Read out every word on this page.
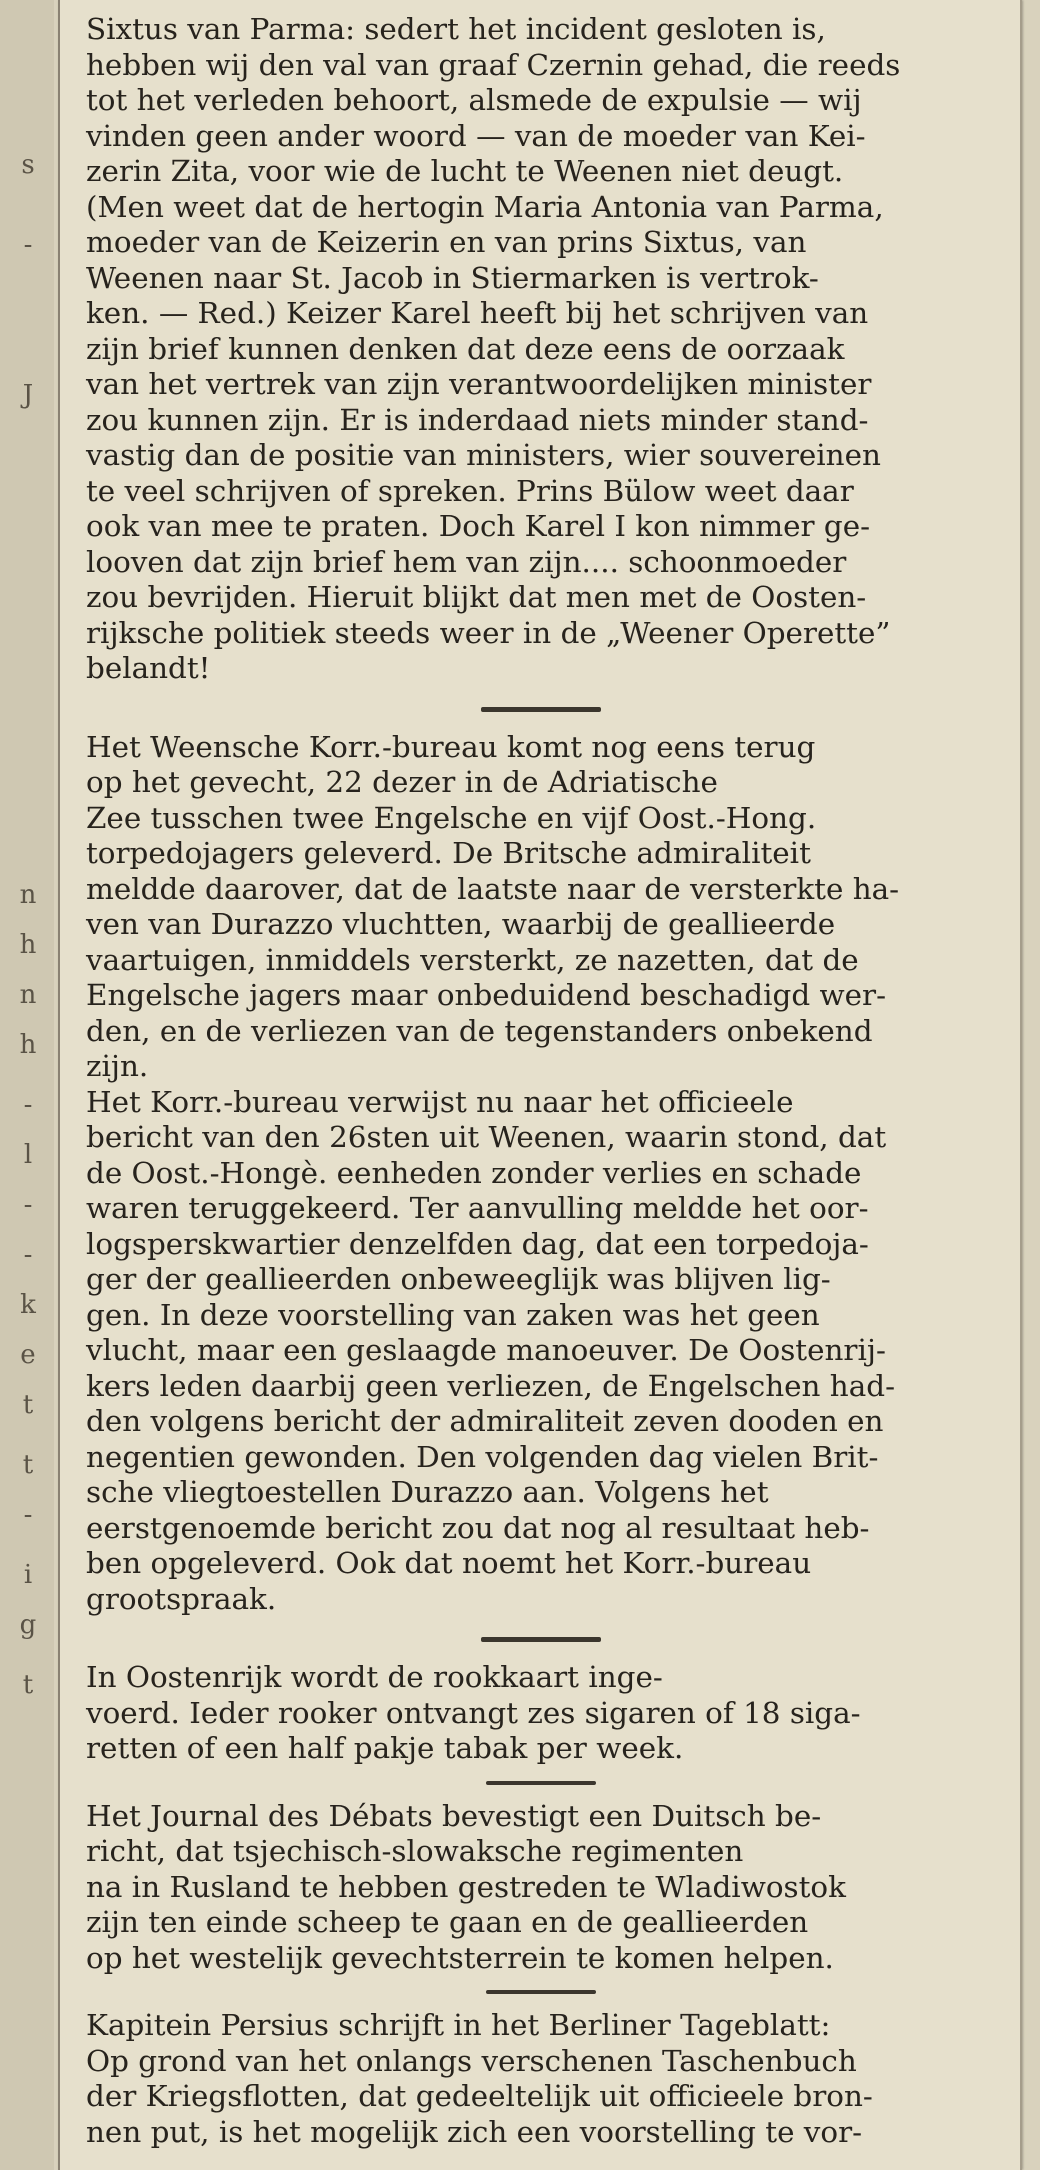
Sixtus van Parma: sedert het incident gesloten is,
hebben wij den val van graaf Czernin gehad, die reeds
tot het verleden behoort, alsmede de expulsie — wij
vinden geen ander woord — van de moeder van Kei-
zerin Zita, voor wie de lucht te Weenen niet deugt.
(Men weet dat de hertogin Maria Antonia van Parma,
moeder van de Keizerin en van prins Sixtus, van
Weenen naar St. Jacob in Stiermarken is vertrok-
ken. — Red.) Keizer Karel heeft bij het schrijven van
zijn brief kunnen denken dat deze eens de oorzaak
van het vertrek van zijn verantwoordelijken minister
zou kunnen zijn. Er is inderdaad niets minder stand-
vastig dan de positie van ministers, wier souvereinen
te veel schrijven of spreken. Prins Bülow weet daar
ook van mee te praten. Doch Karel I kon nimmer ge-
looven dat zijn brief hem van zijn.... schoonmoeder
zou bevrijden. Hieruit blijkt dat men met de Oosten-
rijksche politiek steeds weer in de „Weener Operette”
belandt!
Het Weensche Korr.-bureau komt nog eens terug
op het gevecht, 22 dezer in de Adriatische
Zee tusschen twee Engelsche en vijf Oost.-Hong.
torpedojagers geleverd. De Britsche admiraliteit
meldde daarover, dat de laatste naar de versterkte ha-
ven van Durazzo vluchtten, waarbij de geallieerde
vaartuigen, inmiddels versterkt, ze nazetten, dat de
Engelsche jagers maar onbeduidend beschadigd wer-
den, en de verliezen van de tegenstanders onbekend
zijn.
Het Korr.-bureau verwijst nu naar het officieele
bericht van den 26sten uit Weenen, waarin stond, dat
de Oost.-Hongè. eenheden zonder verlies en schade
waren teruggekeerd. Ter aanvulling meldde het oor-
logsperskwartier denzelfden dag, dat een torpedoja-
ger der geallieerden onbeweeglijk was blijven lig-
gen. In deze voorstelling van zaken was het geen
vlucht, maar een geslaagde manoeuver. De Oostenrij-
kers leden daarbij geen verliezen, de Engelschen had-
den volgens bericht der admiraliteit zeven dooden en
negentien gewonden. Den volgenden dag vielen Brit-
sche vliegtoestellen Durazzo aan. Volgens het
eerstgenoemde bericht zou dat nog al resultaat heb-
ben opgeleverd. Ook dat noemt het Korr.-bureau
grootspraak.
In Oostenrijk wordt de rookkaart inge-
voerd. Ieder rooker ontvangt zes sigaren of 18 siga-
retten of een half pakje tabak per week.
Het Journal des Débats bevestigt een Duitsch be-
richt, dat tsjechisch-slowaksche regimenten
na in Rusland te hebben gestreden te Wladiwostok
zijn ten einde scheep te gaan en de geallieerden
op het westelijk gevechtsterrein te komen helpen.
Kapitein Persius schrijft in het Berliner Tageblatt:
Op grond van het onlangs verschenen Taschenbuch
der Kriegsflotten, dat gedeeltelijk uit officieele bron-
nen put, is het mogelijk zich een voorstelling te vor-
s
-
J
n
h
n
h
-
l
-
-
k
e
t
t
-
i
g
t
